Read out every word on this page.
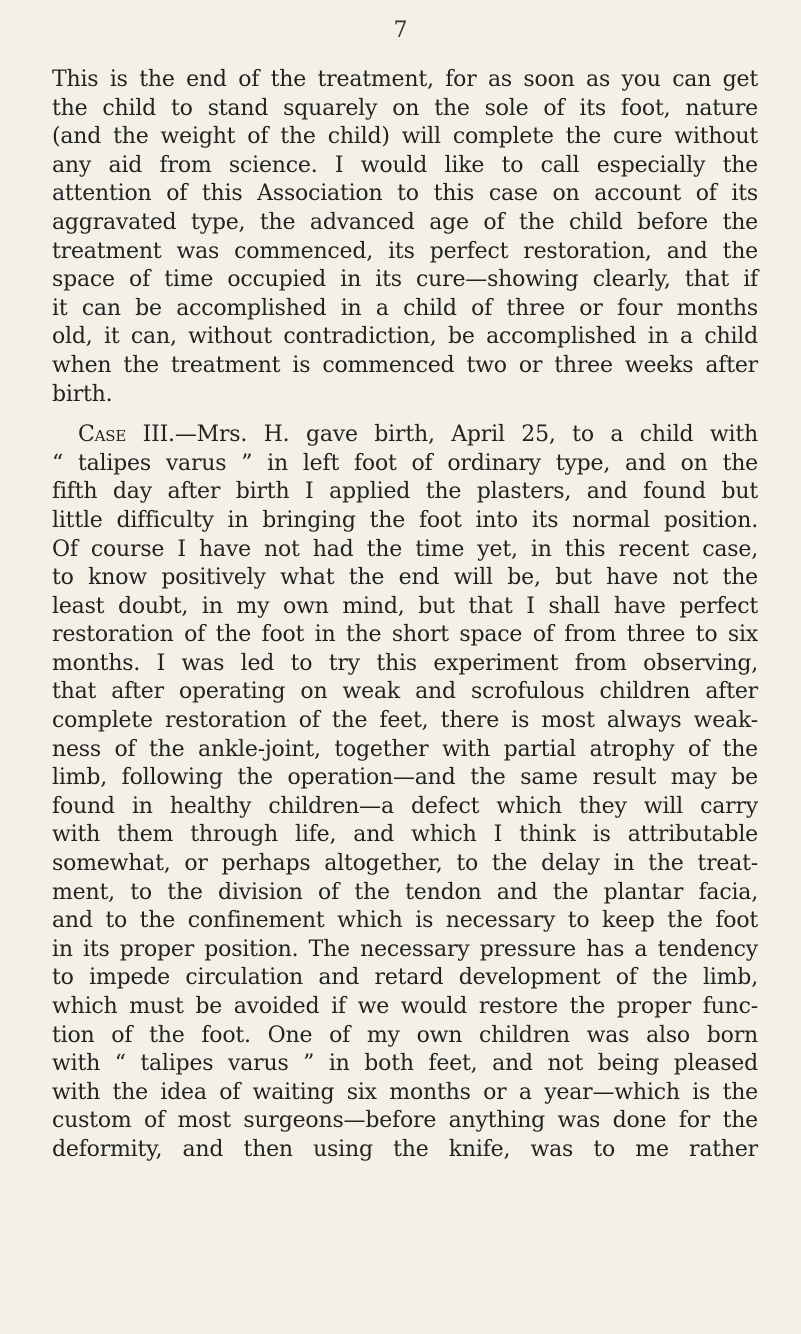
7
This is the end of the treatment, for as soon as you can get
the child to stand squarely on the sole of its foot, nature
(and the weight of the child) will complete the cure without
any aid from science. I would like to call especially the
attention of this Association to this case on account of its
aggravated type, the advanced age of the child before the
treatment was commenced, its perfect restoration, and the
space of time occupied in its cure—showing clearly, that if
it can be accomplished in a child of three or four months
old, it can, without contradiction, be accomplished in a child
when the treatment is commenced two or three weeks after
birth.
Case III.—Mrs. H. gave birth, April 25, to a child with
“ talipes varus ” in left foot of ordinary type, and on the
fifth day after birth I applied the plasters, and found but
little difficulty in bringing the foot into its normal position.
Of course I have not had the time yet, in this recent case,
to know positively what the end will be, but have not the
least doubt, in my own mind, but that I shall have perfect
restoration of the foot in the short space of from three to six
months. I was led to try this experiment from observing,
that after operating on weak and scrofulous children after
complete restoration of the feet, there is most always weak-
ness of the ankle-joint, together with partial atrophy of the
limb, following the operation—and the same result may be
found in healthy children—a defect which they will carry
with them through life, and which I think is attributable
somewhat, or perhaps altogether, to the delay in the treat-
ment, to the division of the tendon and the plantar facia,
and to the confinement which is necessary to keep the foot
in its proper position. The necessary pressure has a tendency
to impede circulation and retard development of the limb,
which must be avoided if we would restore the proper func-
tion of the foot. One of my own children was also born
with “ talipes varus ” in both feet, and not being pleased
with the idea of waiting six months or a year—which is the
custom of most surgeons—before anything was done for the
deformity, and then using the knife, was to me rather
